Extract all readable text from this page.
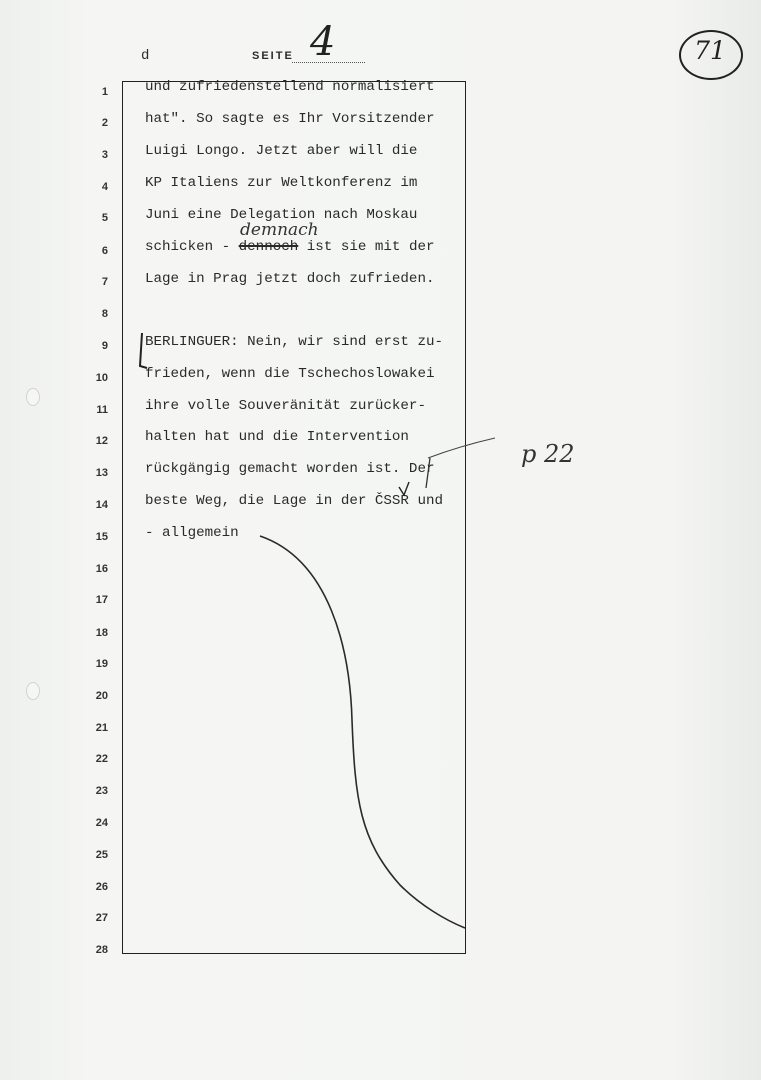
d	SEITE 4	71
1
2
3
4
5
6
7
8
9
10
11
12
13
14
15
16
17
18
19
20
21
22
23
24
25
26
27
28
und zufriedenstellend normalisiert
hat". So sagte es Ihr Vorsitzender
Luigi Longo. Jetzt aber will die
KP Italiens zur Weltkonferenz im
Juni eine Delegation nach Moskau
schicken - dennoch ist sie mit der
demnach
Lage in Prag jetzt doch zufrieden.
BERLINGUER: Nein, wir sind erst zu-
frieden, wenn die Tschechoslowakei
ihre volle Souveränität zurücker-
halten hat und die Intervention
rückgängig gemacht worden ist. Der
beste Weg, die Lage in der ČSSR und
- allgemein
p 22
